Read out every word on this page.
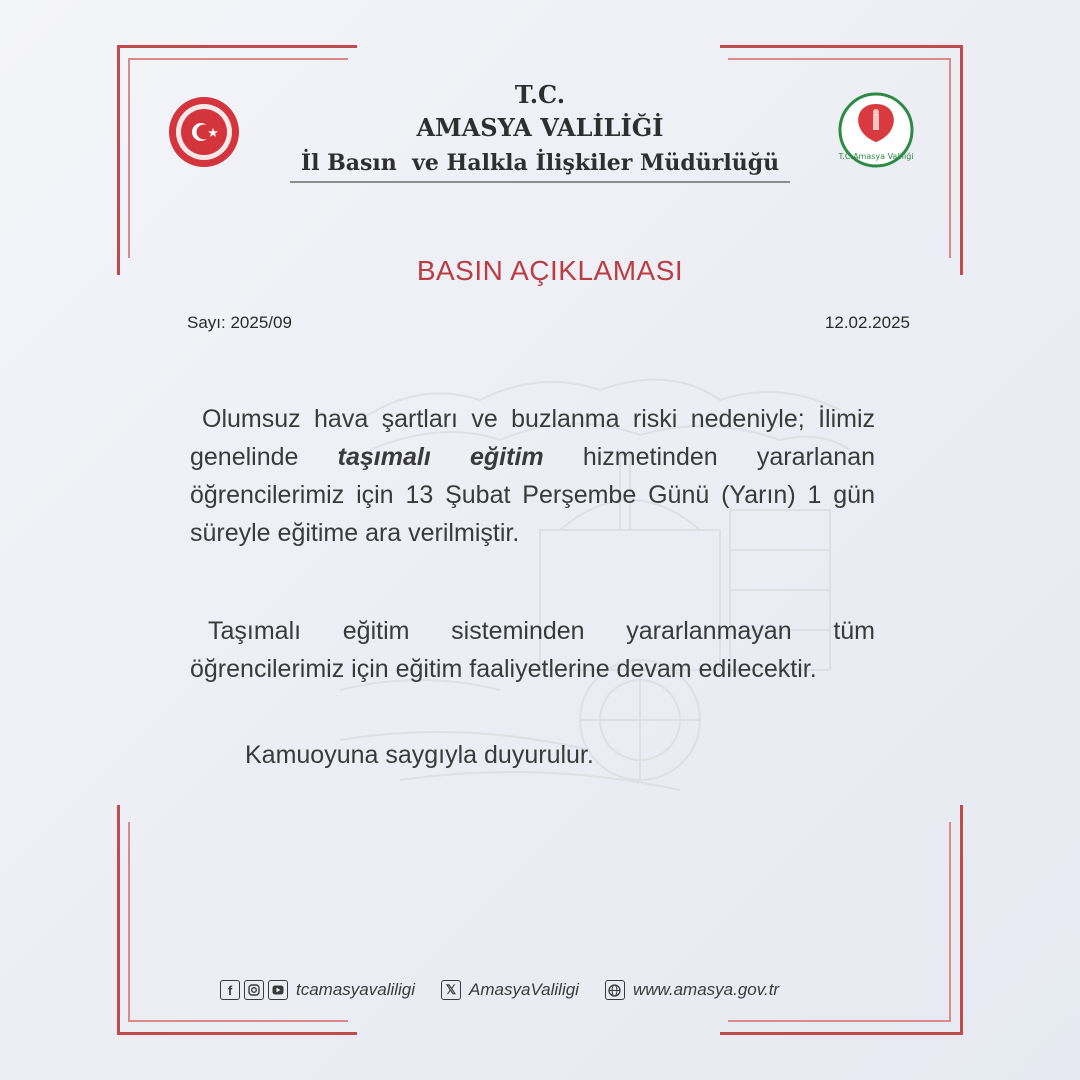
T.C.
AMASYA VALİLİĞİ
İl Basın  ve Halkla İlişkiler Müdürlüğü	T.C.Amasya Valiliği
BASIN AÇIKLAMASI
Sayı: 2025/09	12.02.2025
Olumsuz hava şartları ve buzlanma riski nedeniyle; İlimiz genelinde taşımalı eğitim hizmetinden yararlanan öğrencilerimiz için 13 Şubat Perşembe Günü (Yarın) 1 gün süreyle eğitime ara verilmiştir.
Taşımalı eğitim sisteminden yararlanmayan tüm öğrencilerimiz için eğitim faaliyetlerine devam edilecektir.
Kamuoyuna saygıyla duyurulur.
f	tcamasyavaliligi	𝕏 AmasyaValiligi	www.amasya.gov.tr
